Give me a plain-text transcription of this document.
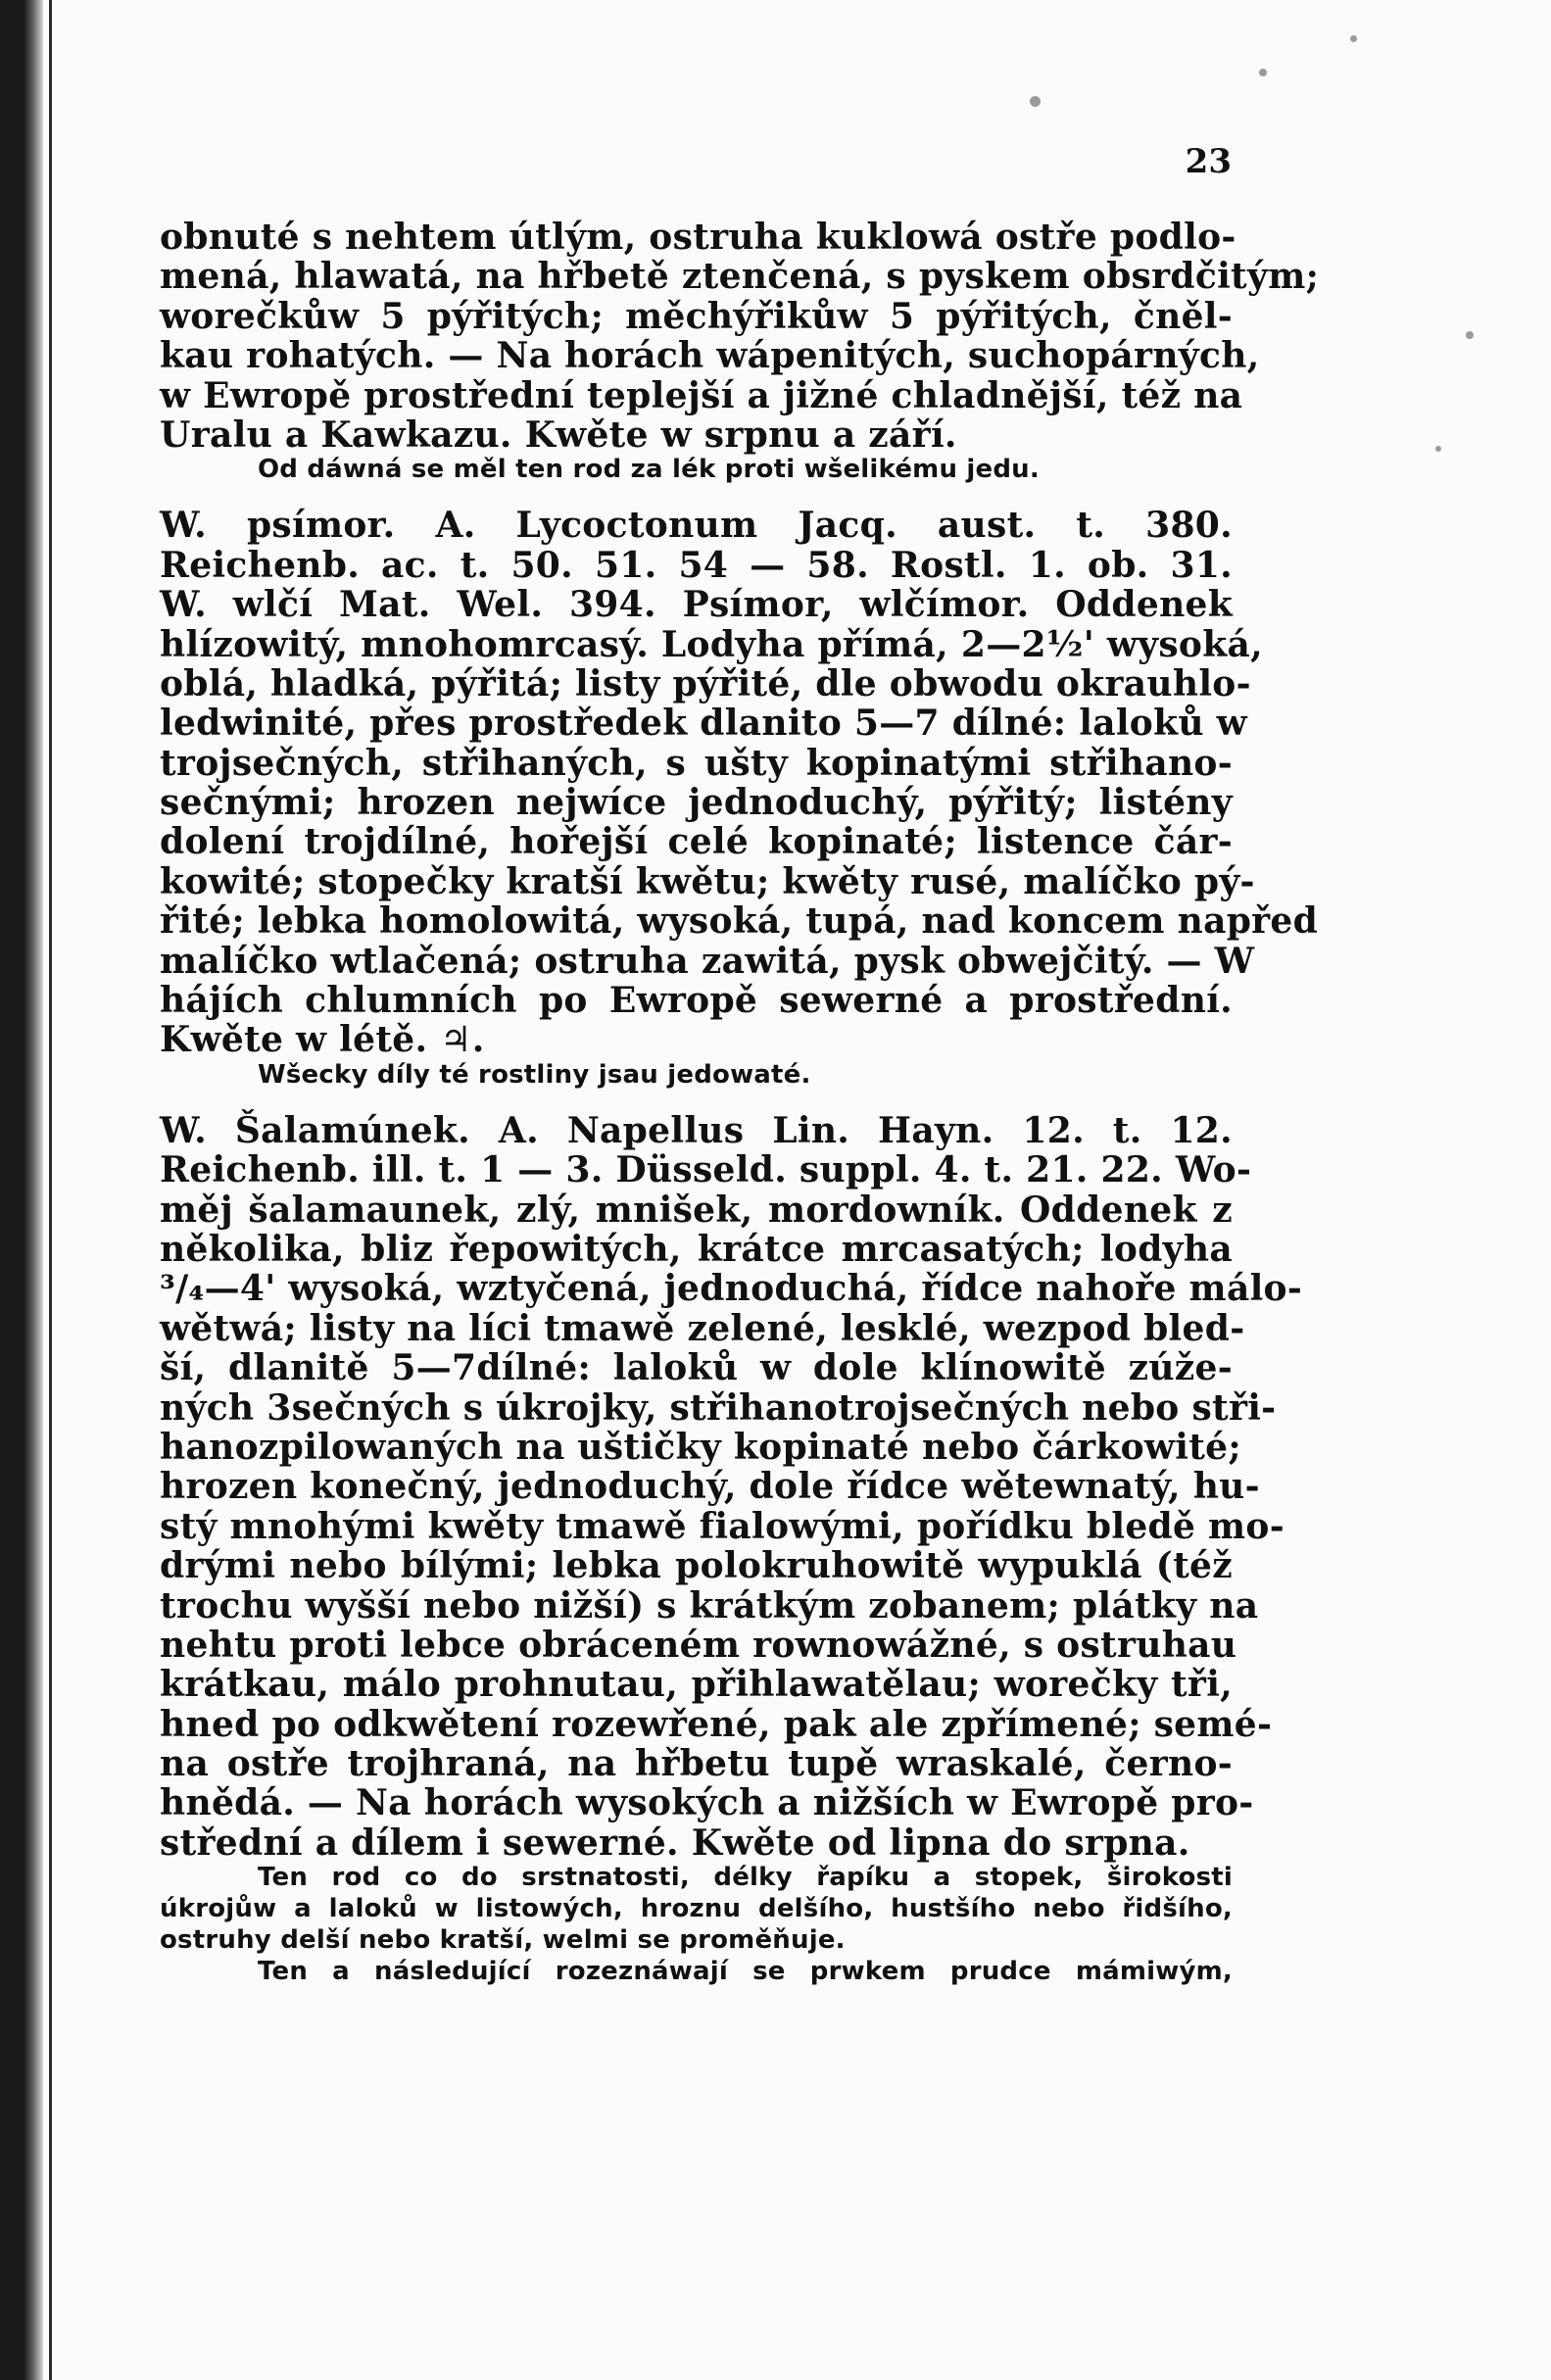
23
obnuté s nehtem útlým, ostruha kuklowá ostře podlo-
mená, hlawatá, na hřbetě ztenčená, s pyskem obsrdčitým;
worečkůw 5 pýřitých; měchýřikůw 5 pýřitých, čněl-
kau rohatých. — Na horách wápenitých, suchopárných,
w Ewropě prostřední teplejší a jižné chladnější, též na
Uralu a Kawkazu. Kwěte w srpnu a září.
Od dáwná se měl ten rod za lék proti wšelikému jedu.
W. psímor. A. Lycoctonum Jacq. aust. t. 380.
Reichenb. ac. t. 50. 51. 54 — 58. Rostl. 1. ob. 31.
W. wlčí Mat. Wel. 394. Psímor, wlčímor. Oddenek
hlízowitý, mnohomrcasý. Lodyha přímá, 2—2½' wysoká,
oblá, hladká, pýřitá; listy pýřité, dle obwodu okrauhlo-
ledwinité, přes prostředek dlanito 5—7 dílné: laloků w
trojsečných, střihaných, s ušty kopinatými střihano-
sečnými; hrozen nejwíce jednoduchý, pýřitý; listény
dolení trojdílné, hořejší celé kopinaté; listence čár-
kowité; stopečky kratší kwětu; kwěty rusé, malíčko pý-
řité; lebka homolowitá, wysoká, tupá, nad koncem napřed
malíčko wtlačená; ostruha zawitá, pysk obwejčitý. — W
hájích chlumních po Ewropě sewerné a prostřední.
Kwěte w létě. ♃.
Wšecky díly té rostliny jsau jedowaté.
W. Šalamúnek. A. Napellus Lin. Hayn. 12. t. 12.
Reichenb. ill. t. 1 — 3. Düsseld. suppl. 4. t. 21. 22. Wo-
měj šalamaunek, zlý, mnišek, mordowník. Oddenek z
několika, bliz řepowitých, krátce mrcasatých; lodyha
³/₄—4' wysoká, wztyčená, jednoduchá, řídce nahoře málo-
wětwá; listy na líci tmawě zelené, lesklé, wezpod bled-
ší, dlanitě 5—7dílné: laloků w dole klínowitě zúže-
ných 3sečných s úkrojky, střihanotrojsečných nebo stři-
hanozpilowaných na uštičky kopinaté nebo čárkowité;
hrozen konečný, jednoduchý, dole řídce wětewnatý, hu-
stý mnohými kwěty tmawě fialowými, pořídku bledě mo-
drými nebo bílými; lebka polokruhowitě wypuklá (též
trochu wyšší nebo nižší) s krátkým zobanem; plátky na
nehtu proti lebce obráceném rownowážné, s ostruhau
krátkau, málo prohnutau, přihlawatělau; worečky tři,
hned po odkwětení rozewřené, pak ale zpřímené; semé-
na ostře trojhraná, na hřbetu tupě wraskalé, černo-
hnědá. — Na horách wysokých a nižších w Ewropě pro-
střední a dílem i sewerné. Kwěte od lipna do srpna.
Ten rod co do srstnatosti, délky řapíku a stopek, širokosti
úkrojůw a laloků w listowých, hroznu delšího, hustšího nebo řidšího,
ostruhy delší nebo kratší, welmi se proměňuje.
Ten a následující rozeznáwají se prwkem prudce mámiwým,
